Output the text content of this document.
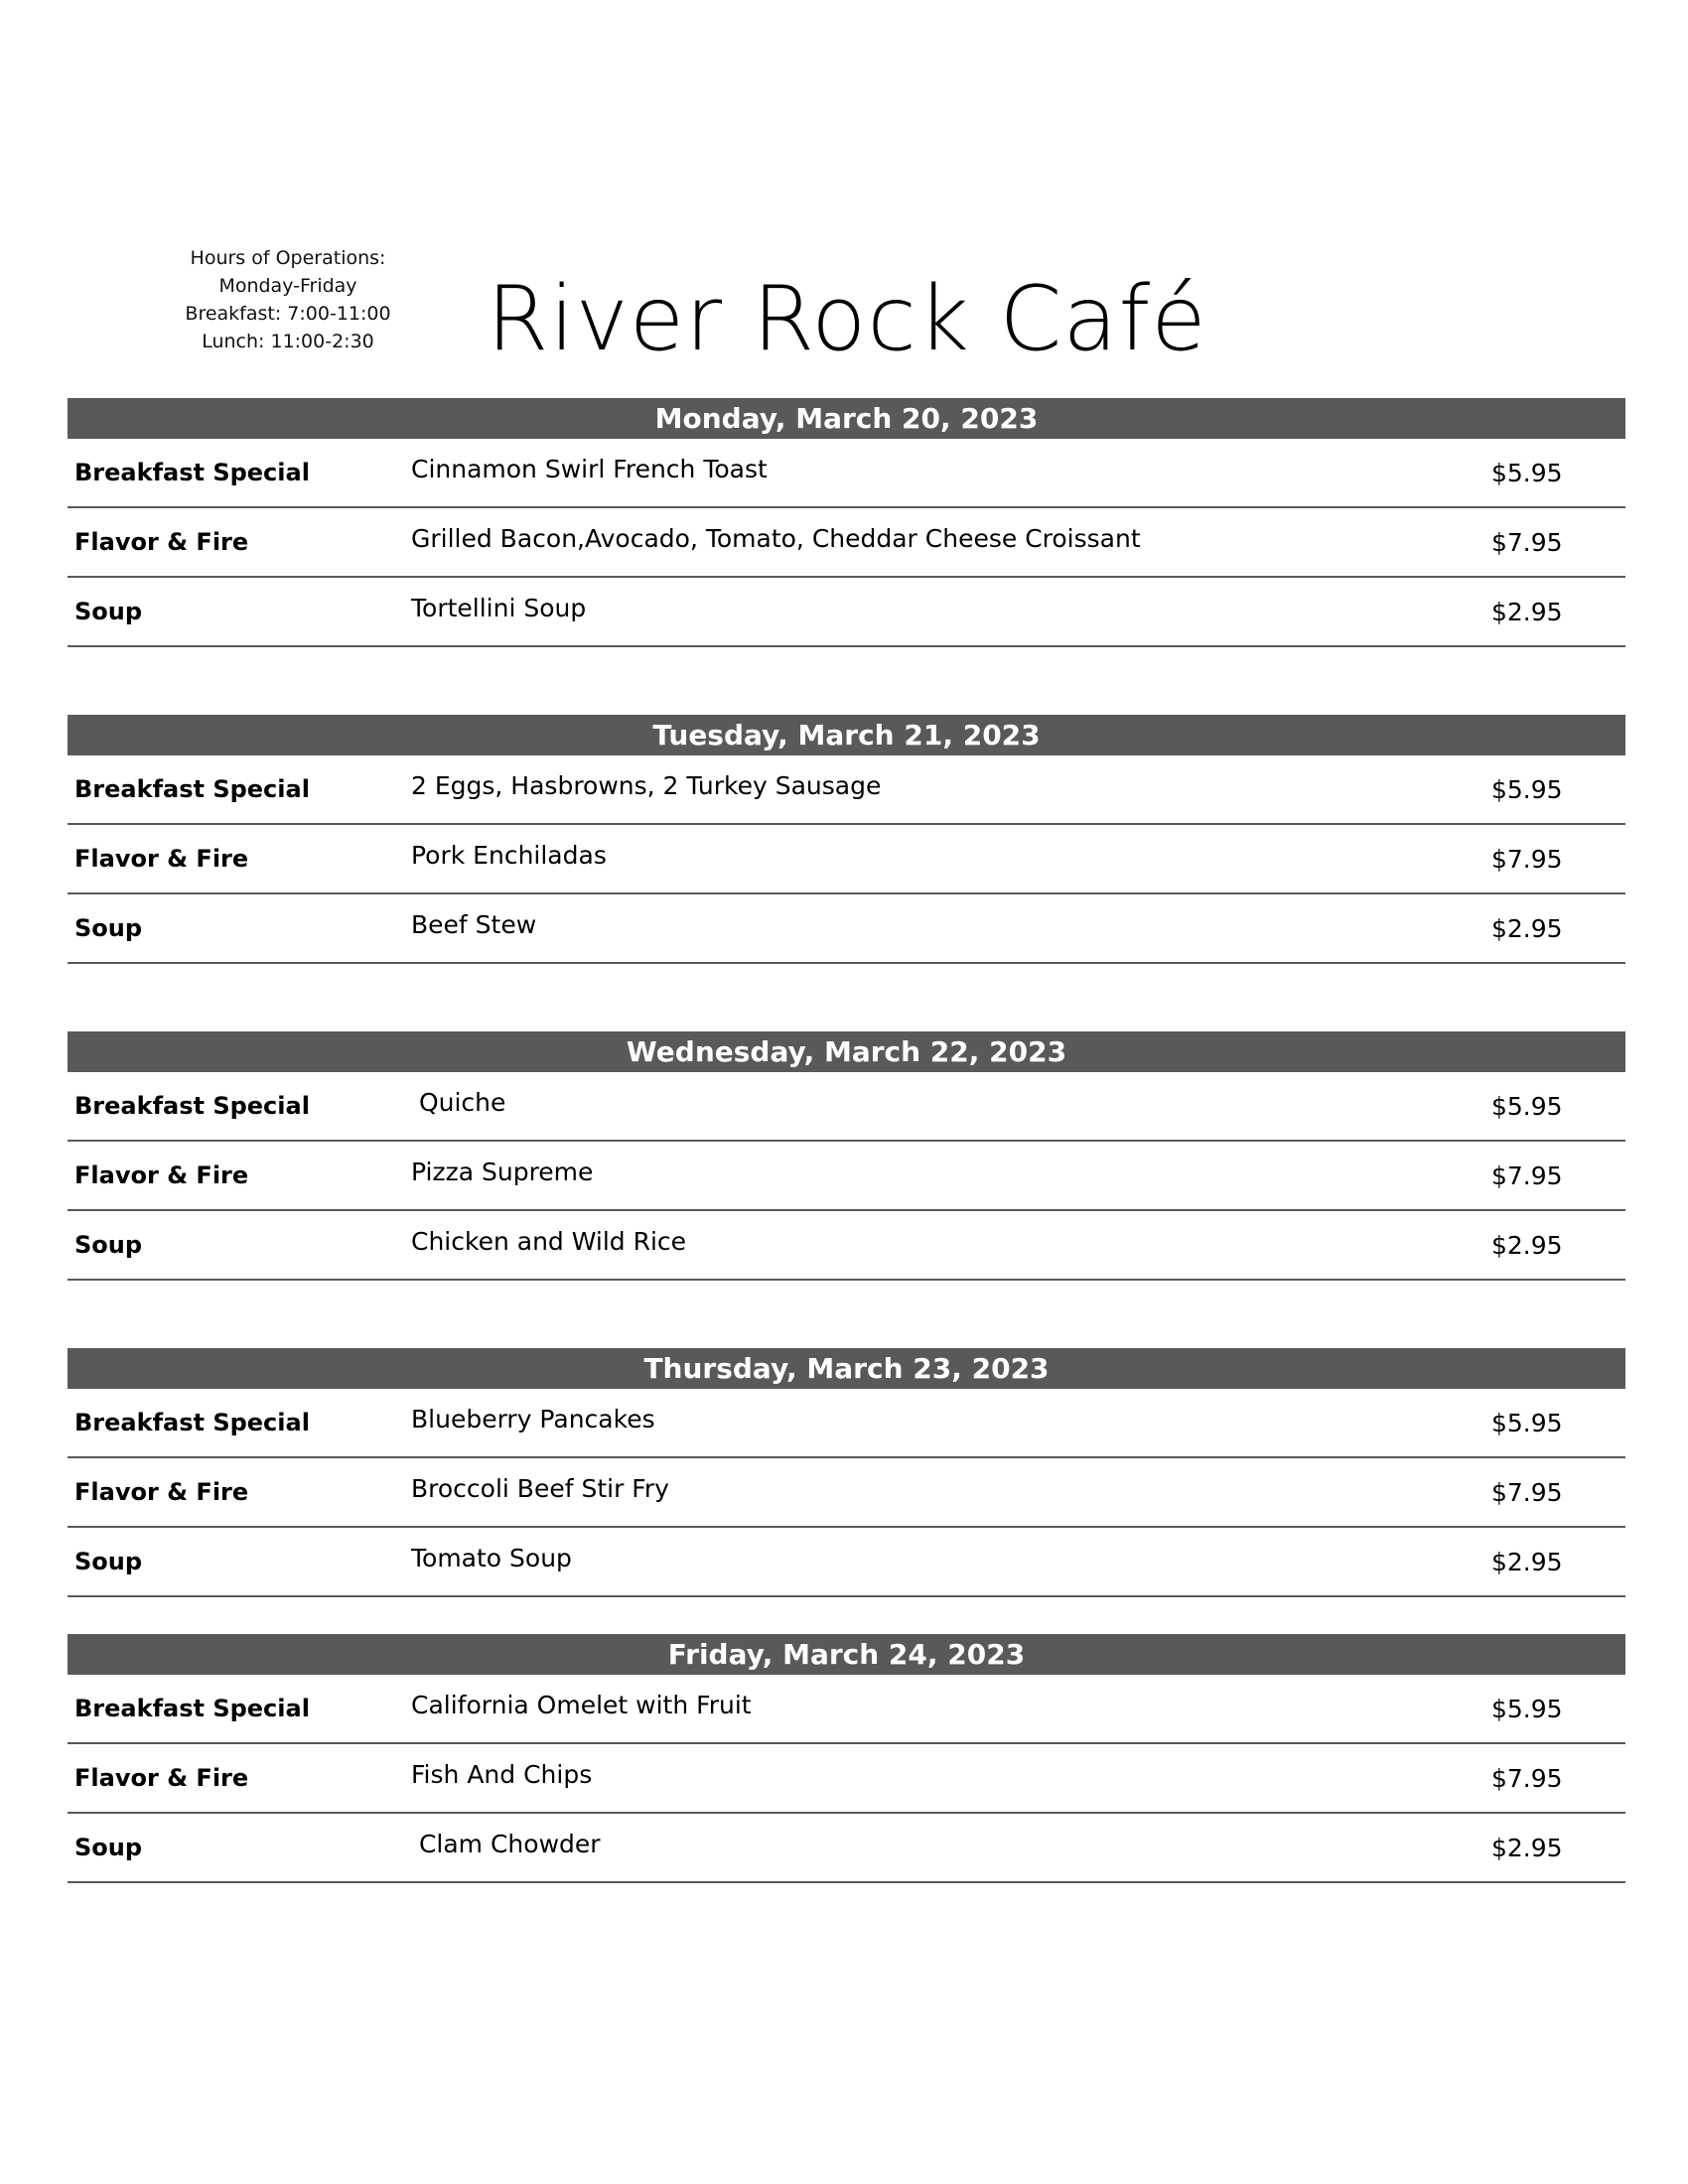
Hours of Operations:
Monday-Friday
Breakfast: 7:00-11:00
Lunch: 11:00-2:30	River Rock Café
Monday, March 20, 2023
Breakfast Special	Cinnamon Swirl French Toast	$5.95
Flavor & Fire	Grilled Bacon,Avocado, Tomato, Cheddar Cheese Croissant	$7.95
Soup	Tortellini Soup	$2.95
Tuesday, March 21, 2023
Breakfast Special	2 Eggs, Hasbrowns, 2 Turkey Sausage	$5.95
Flavor & Fire	Pork Enchiladas	$7.95
Soup	Beef Stew	$2.95
Wednesday, March 22, 2023
Breakfast Special	Quiche	$5.95
Flavor & Fire	Pizza Supreme	$7.95
Soup	Chicken and Wild Rice	$2.95
Thursday, March 23, 2023
Breakfast Special	Blueberry Pancakes	$5.95
Flavor & Fire	Broccoli Beef Stir Fry	$7.95
Soup	Tomato Soup	$2.95
Friday, March 24, 2023
Breakfast Special	California Omelet with Fruit	$5.95
Flavor & Fire	Fish And Chips	$7.95
Soup	Clam Chowder	$2.95
